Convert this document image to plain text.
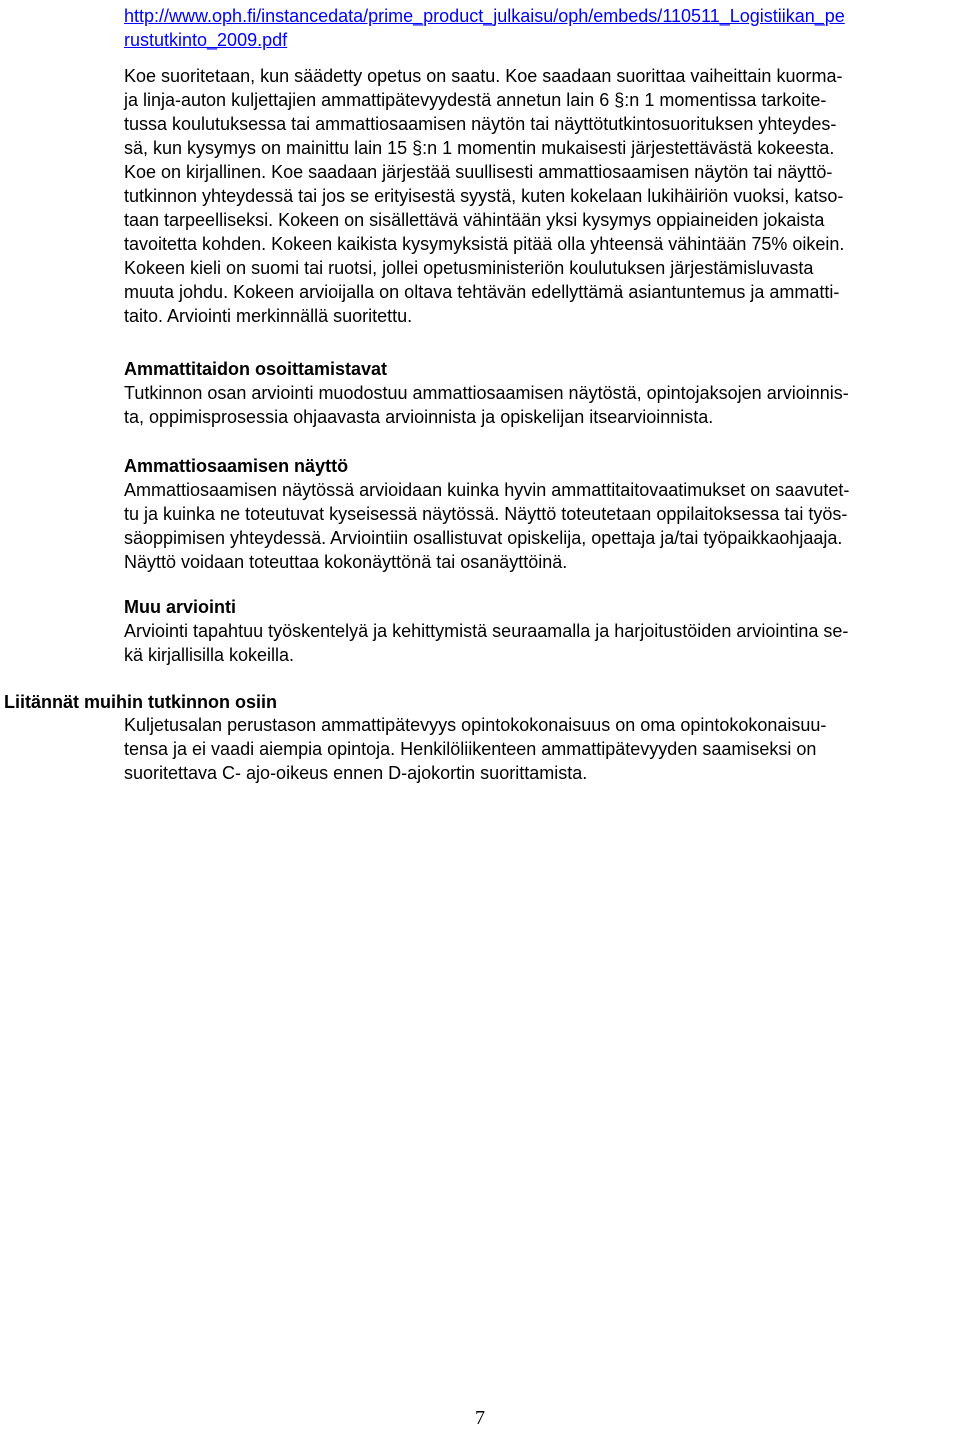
http://www.oph.fi/instancedata/prime_product_julkaisu/oph/embeds/110511_Logistiikan_pe
rustutkinto_2009.pdf
Koe suoritetaan, kun säädetty opetus on saatu. Koe saadaan suorittaa vaiheittain kuorma-
ja linja-auton kuljettajien ammattipätevyydestä annetun lain 6 §:n 1 momentissa tarkoite-
tussa koulutuksessa tai ammattiosaamisen näytön tai näyttötutkintosuorituksen yhteydes-
sä, kun kysymys on mainittu lain 15 §:n 1 momentin mukaisesti järjestettävästä kokeesta.
Koe on kirjallinen. Koe saadaan järjestää suullisesti ammattiosaamisen näytön tai näyttö-
tutkinnon yhteydessä tai jos se erityisestä syystä, kuten kokelaan lukihäiriön vuoksi, katso-
taan tarpeelliseksi. Kokeen on sisällettävä vähintään yksi kysymys oppiaineiden jokaista
tavoitetta kohden. Kokeen kaikista kysymyksistä pitää olla yhteensä vähintään 75% oikein.
Kokeen kieli on suomi tai ruotsi, jollei opetusministeriön koulutuksen järjestämisluvasta
muuta johdu. Kokeen arvioijalla on oltava tehtävän edellyttämä asiantuntemus ja ammatti-
taito. Arviointi merkinnällä suoritettu.
Ammattitaidon osoittamistavat
Tutkinnon osan arviointi muodostuu ammattiosaamisen näytöstä, opintojaksojen arvioinnis-
ta, oppimisprosessia ohjaavasta arvioinnista ja opiskelijan itsearvioinnista.
Ammattiosaamisen näyttö
Ammattiosaamisen näytössä arvioidaan kuinka hyvin ammattitaitovaatimukset on saavutet-
tu ja kuinka ne toteutuvat kyseisessä näytössä. Näyttö toteutetaan oppilaitoksessa tai työs-
säoppimisen yhteydessä. Arviointiin osallistuvat opiskelija, opettaja ja/tai työpaikkaohjaaja.
Näyttö voidaan toteuttaa kokonäyttönä tai osanäyttöinä.
Muu arviointi
Arviointi tapahtuu työskentelyä ja kehittymistä seuraamalla ja harjoitustöiden arviointina se-
kä kirjallisilla kokeilla.
Liitännät muihin tutkinnon osiin
Kuljetusalan perustason ammattipätevyys opintokokonaisuus on oma opintokokonaisuu-
tensa ja ei vaadi aiempia opintoja. Henkilöliikenteen ammattipätevyyden saamiseksi on
suoritettava C- ajo-oikeus ennen D-ajokortin suorittamista.
7
